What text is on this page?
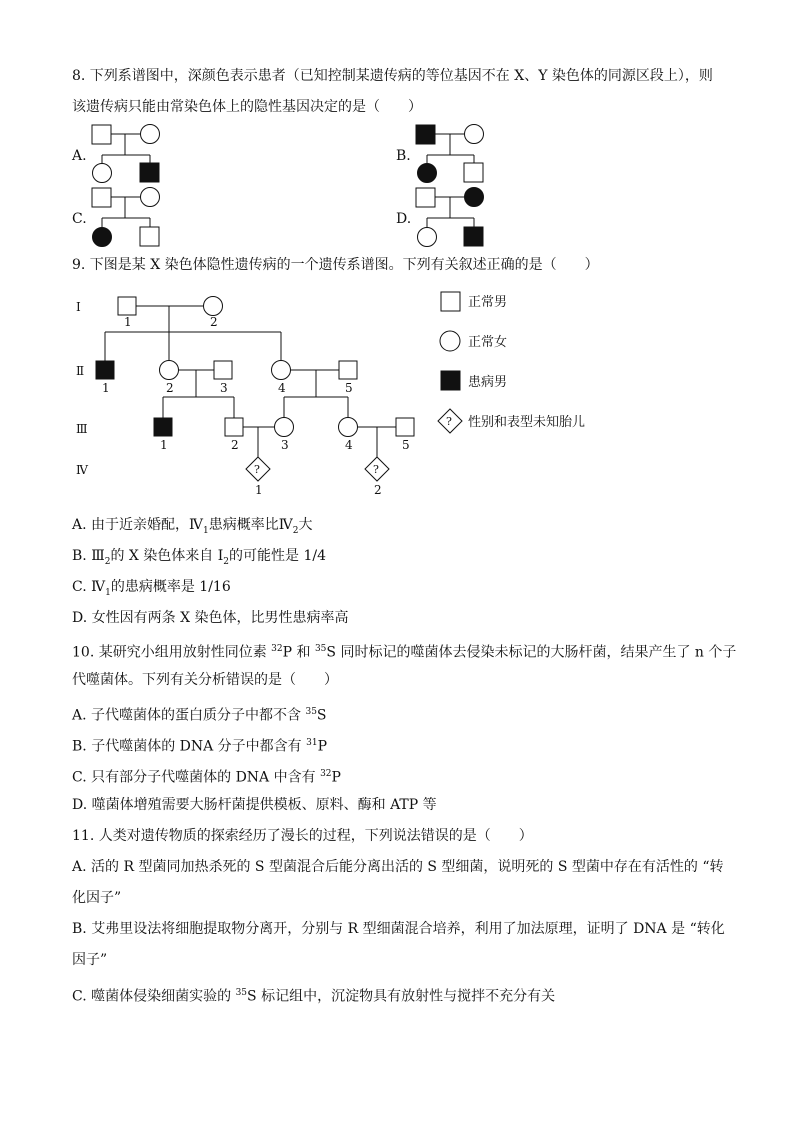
8. 下列系谱图中，深颜色表示患者（已知控制某遗传病的等位基因不在 X、Y 染色体的同源区段上），则
该遗传病只能由常染色体上的隐性基因决定的是（　　）
A.	B.
C.	D.
9. 下图是某 X 染色体隐性遗传病的一个遗传系谱图。下列有关叙述正确的是（　　）
Ⅰ
Ⅱ
Ⅲ
Ⅳ
1	2
1	2	3	4	5
1	2	3	4	5
1	2
?	?
?
正常男
正常女
患病男
性别和表型未知胎儿
A. 由于近亲婚配，$Ⅳ_1$患病概率比$Ⅳ_2$大
B. $Ⅲ_2$的 X 染色体来自 $I_2$的可能性是 1/4
C. $Ⅳ_1$的患病概率是 1/16
D. 女性因有两条 X 染色体，比男性患病率高
10. 某研究小组用放射性同位素 $^{32}$P 和 $^{35}$S 同时标记的噬菌体去侵染未标记的大肠杆菌，结果产生了 n 个子
代噬菌体。下列有关分析错误的是（　　）
A. 子代噬菌体的蛋白质分子中都不含 $^{35}$S
B. 子代噬菌体的 DNA 分子中都含有 $^{31}$P
C. 只有部分子代噬菌体的 DNA 中含有 $^{32}$P
D. 噬菌体增殖需要大肠杆菌提供模板、原料、酶和 ATP 等
11. 人类对遗传物质的探索经历了漫长的过程，下列说法错误的是（　　）
A. 活的 R 型菌同加热杀死的 S 型菌混合后能分离出活的 S 型细菌，说明死的 S 型菌中存在有活性的 “转
化因子”
B. 艾弗里设法将细胞提取物分离开，分别与 R 型细菌混合培养，利用了加法原理，证明了 DNA 是 “转化
因子”
C. 噬菌体侵染细菌实验的 $^{35}$S 标记组中，沉淀物具有放射性与搅拌不充分有关
